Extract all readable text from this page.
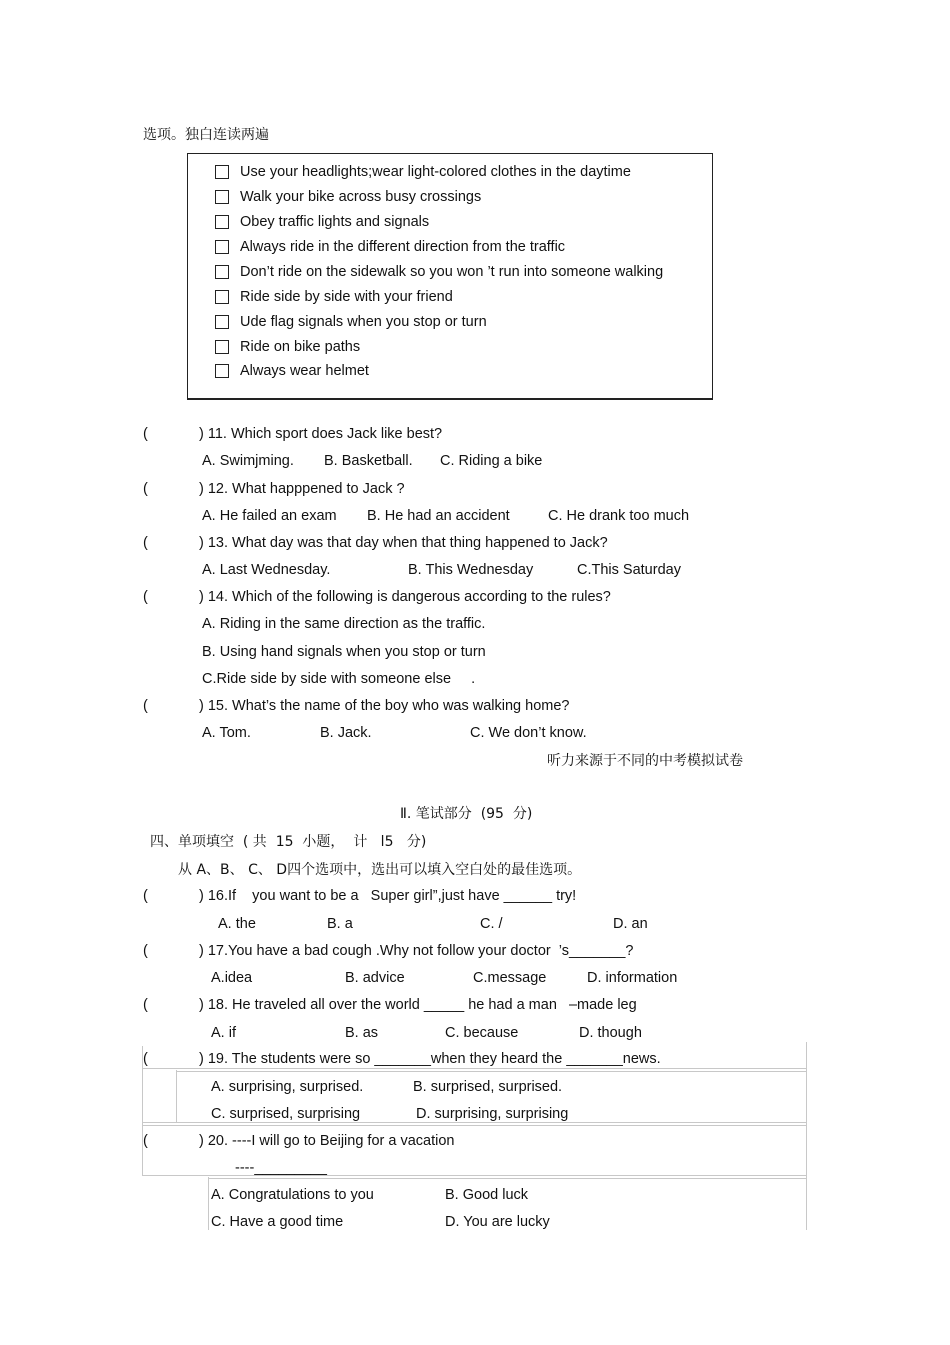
选项。独白连读两遍
Use your headlights;wear light-colored clothes in the daytime
Walk your bike across busy crossings
Obey traffic lights and signals
Always ride in the different direction from the traffic
Don’t ride on the sidewalk so you won ’t run into someone walking
Ride side by side with your friend
Ude flag signals when you stop or turn
Ride on bike paths
Always wear helmet
(	) 11. Which sport does Jack like best?
A. Swimjming. B. Basketball. C. Riding a bike
(	) 12. What happpened to Jack ?
A. He failed an exam B. He had an accident	C. He drank too much
(	) 13. What day was that day when that thing happened to Jack?
A. Last Wednesday.	B. This Wednesday	C.This Saturday
(	) 14. Which of the following is dangerous according to the rules?
A. Riding in the same direction as the traffic.
B. Using hand signals when you stop or turn
C.Ride side by side with someone else     .
(	) 15. What’s the name of the boy who was walking home?
A. Tom.	B. Jack.	C. We don’t know.
听力来源于不同的中考模拟试卷
Ⅱ. 笔试部分  (95  分)
四、单项填空  ( 共  15  小题，  计   l5   分)
从 A、B、 C、 D四个选项中，选出可以填入空白处的最佳选项。
(	) 16.If    you want to be a   Super girl”,just have ______ try!
A. the	B. a	C. /	D. an
(	) 17.You have a bad cough .Why not follow your doctor  ’s_______?
A.idea	B. advice	C.message	D. information
(	) 18. He traveled all over the world _____ he had a man   –made leg
A. if	B. as	C. because	D. though
(	) 19. The students were so _______when they heard the _______news.
A. surprising, surprised.	B. surprised, surprised.
C. surprised, surprising	D. surprising, surprising
(	) 20. ----I will go to Beijing for a vacation
----_________
A. Congratulations to you	B. Good luck
C. Have a good time	D. You are lucky
